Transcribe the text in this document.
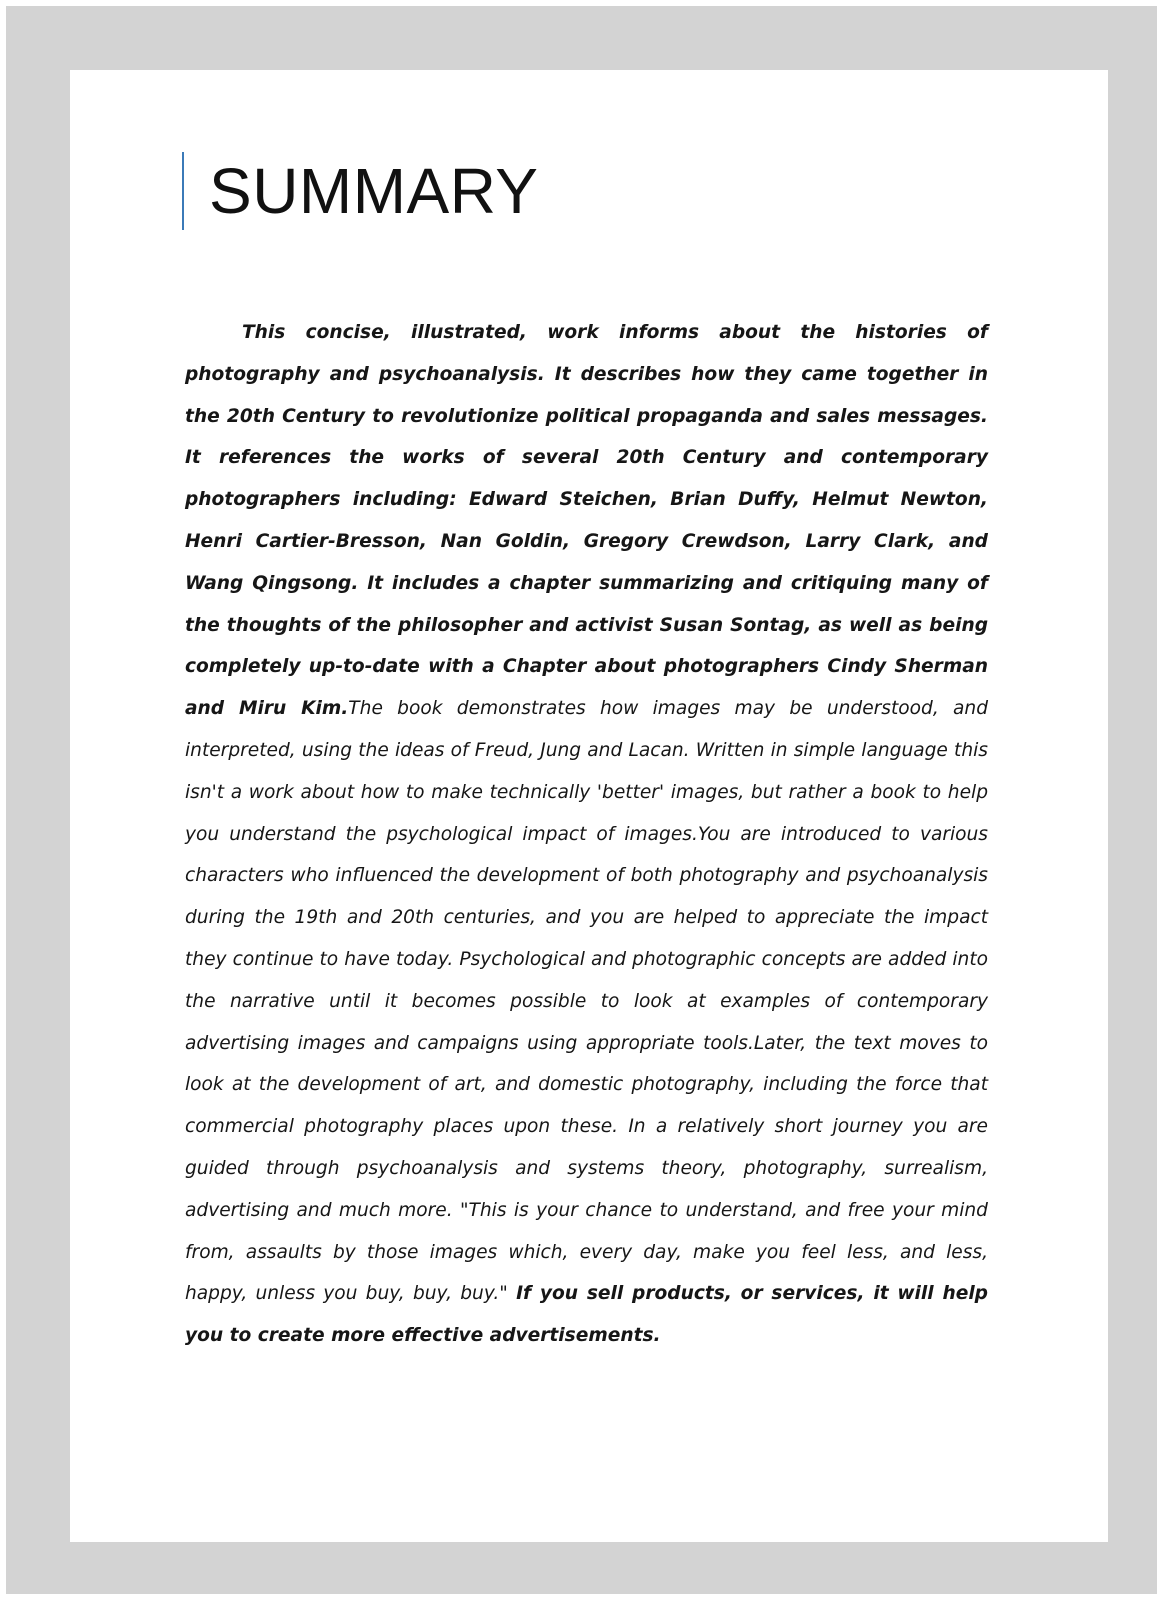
SUMMARY

This concise, illustrated, work informs about the histories of photography and psychoanalysis. It describes how they came together in the 20th Century to revolutionize political propaganda and sales messages. It references the works of several 20th Century and contemporary photographers including: Edward Steichen, Brian Duffy, Helmut Newton, Henri Cartier-Bresson, Nan Goldin, Gregory Crewdson, Larry Clark, and Wang Qingsong. It includes a chapter summarizing and critiquing many of the thoughts of the philosopher and activist Susan Sontag, as well as being completely up-to-date with a Chapter about photographers Cindy Sherman and Miru Kim.The book demonstrates how images may be understood, and interpreted, using the ideas of Freud, Jung and Lacan. Written in simple language this isn't a work about how to make technically 'better' images, but rather a book to help you understand the psychological impact of images.You are introduced to various characters who influenced the development of both photography and psychoanalysis during the 19th and 20th centuries, and you are helped to appreciate the impact they continue to have today. Psychological and photographic concepts are added into the narrative until it becomes possible to look at examples of contemporary advertising images and campaigns using appropriate tools.Later, the text moves to look at the development of art, and domestic photography, including the force that commercial photography places upon these. In a relatively short journey you are guided through psychoanalysis and systems theory, photography, surrealism, advertising and much more. "This is your chance to understand, and free your mind from, assaults by those images which, every day, make you feel less, and less, happy, unless you buy, buy, buy." If you sell products, or services, it will help you to create more effective advertisements.
